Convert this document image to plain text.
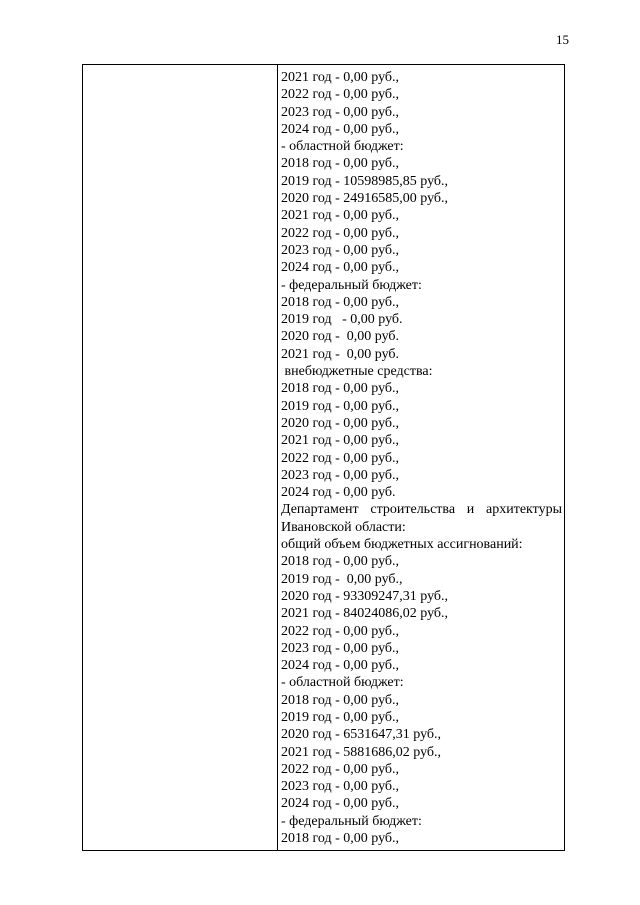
15
2021 год - 0,00 руб.,
2022 год - 0,00 руб.,
2023 год - 0,00 руб.,
2024 год - 0,00 руб.,
- областной бюджет:
2018 год - 0,00 руб.,
2019 год - 10598985,85 руб.,
2020 год - 24916585,00 руб.,
2021 год - 0,00 руб.,
2022 год - 0,00 руб.,
2023 год - 0,00 руб.,
2024 год - 0,00 руб.,
- федеральный бюджет:
2018 год - 0,00 руб.,
2019 год   - 0,00 руб.
2020 год -  0,00 руб.
2021 год -  0,00 руб.
внебюджетные средства:
2018 год - 0,00 руб.,
2019 год - 0,00 руб.,
2020 год - 0,00 руб.,
2021 год - 0,00 руб.,
2022 год - 0,00 руб.,
2023 год - 0,00 руб.,
2024 год - 0,00 руб.
Департамент строительства и архитектуры
Ивановской области:
общий объем бюджетных ассигнований:
2018 год - 0,00 руб.,
2019 год -  0,00 руб.,
2020 год - 93309247,31 руб.,
2021 год - 84024086,02 руб.,
2022 год - 0,00 руб.,
2023 год - 0,00 руб.,
2024 год - 0,00 руб.,
- областной бюджет:
2018 год - 0,00 руб.,
2019 год - 0,00 руб.,
2020 год - 6531647,31 руб.,
2021 год - 5881686,02 руб.,
2022 год - 0,00 руб.,
2023 год - 0,00 руб.,
2024 год - 0,00 руб.,
- федеральный бюджет:
2018 год - 0,00 руб.,
